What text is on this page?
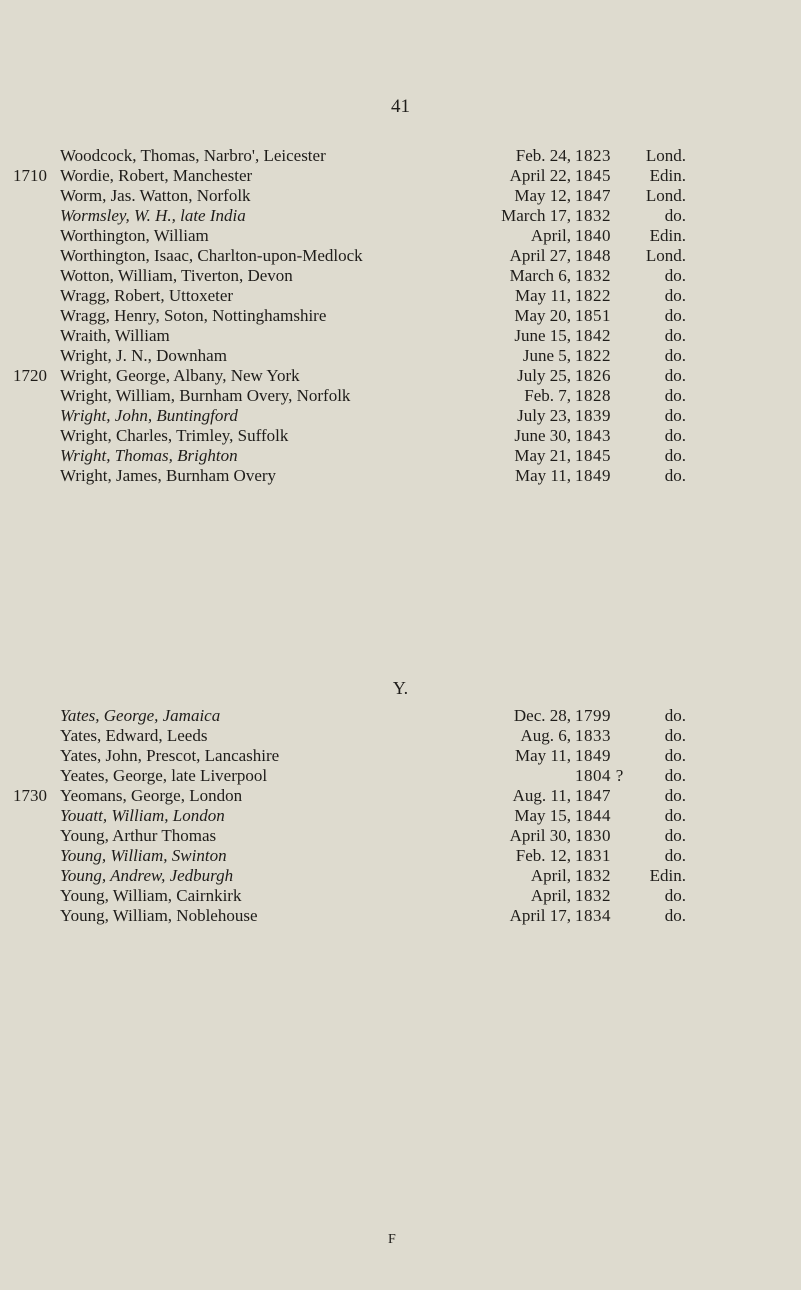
41
Woodcock, Thomas, Narbro', Leicester	Feb. 24, 1823	Lond.
1710 Wordie, Robert, Manchester	April 22, 1845	Edin.
Worm, Jas. Watton, Norfolk	May 12, 1847	Lond.
Wormsley, W. H., late India	March 17, 1832	do.
Worthington, William	April, 1840	Edin.
Worthington, Isaac, Charlton-upon-Medlock	April 27, 1848	Lond.
Wotton, William, Tiverton, Devon	March 6, 1832	do.
Wragg, Robert, Uttoxeter	May 11, 1822	do.
Wragg, Henry, Soton, Nottinghamshire	May 20, 1851	do.
Wraith, William	June 15, 1842	do.
Wright, J. N., Downham	June 5, 1822	do.
1720 Wright, George, Albany, New York	July 25, 1826	do.
Wright, William, Burnham Overy, Norfolk	Feb. 7, 1828	do.
Wright, John, Buntingford	July 23, 1839	do.
Wright, Charles, Trimley, Suffolk	June 30, 1843	do.
Wright, Thomas, Brighton	May 21, 1845	do.
Wright, James, Burnham Overy	May 11, 1849	do.
Y.
Yates, George, Jamaica	Dec. 28, 1799	do.
Yates, Edward, Leeds	Aug. 6, 1833	do.
Yates, John, Prescot, Lancashire	May 11, 1849	do.
Yeates, George, late Liverpool	1804 ? do.
1730 Yeomans, George, London	Aug. 11, 1847	do.
Youatt, William, London	May 15, 1844	do.
Young, Arthur Thomas	April 30, 1830	do.
Young, William, Swinton	Feb. 12, 1831	do.
Young, Andrew, Jedburgh	April, 1832	Edin.
Young, William, Cairnkirk	April, 1832	do.
Young, William, Noblehouse	April 17, 1834	do.
F
